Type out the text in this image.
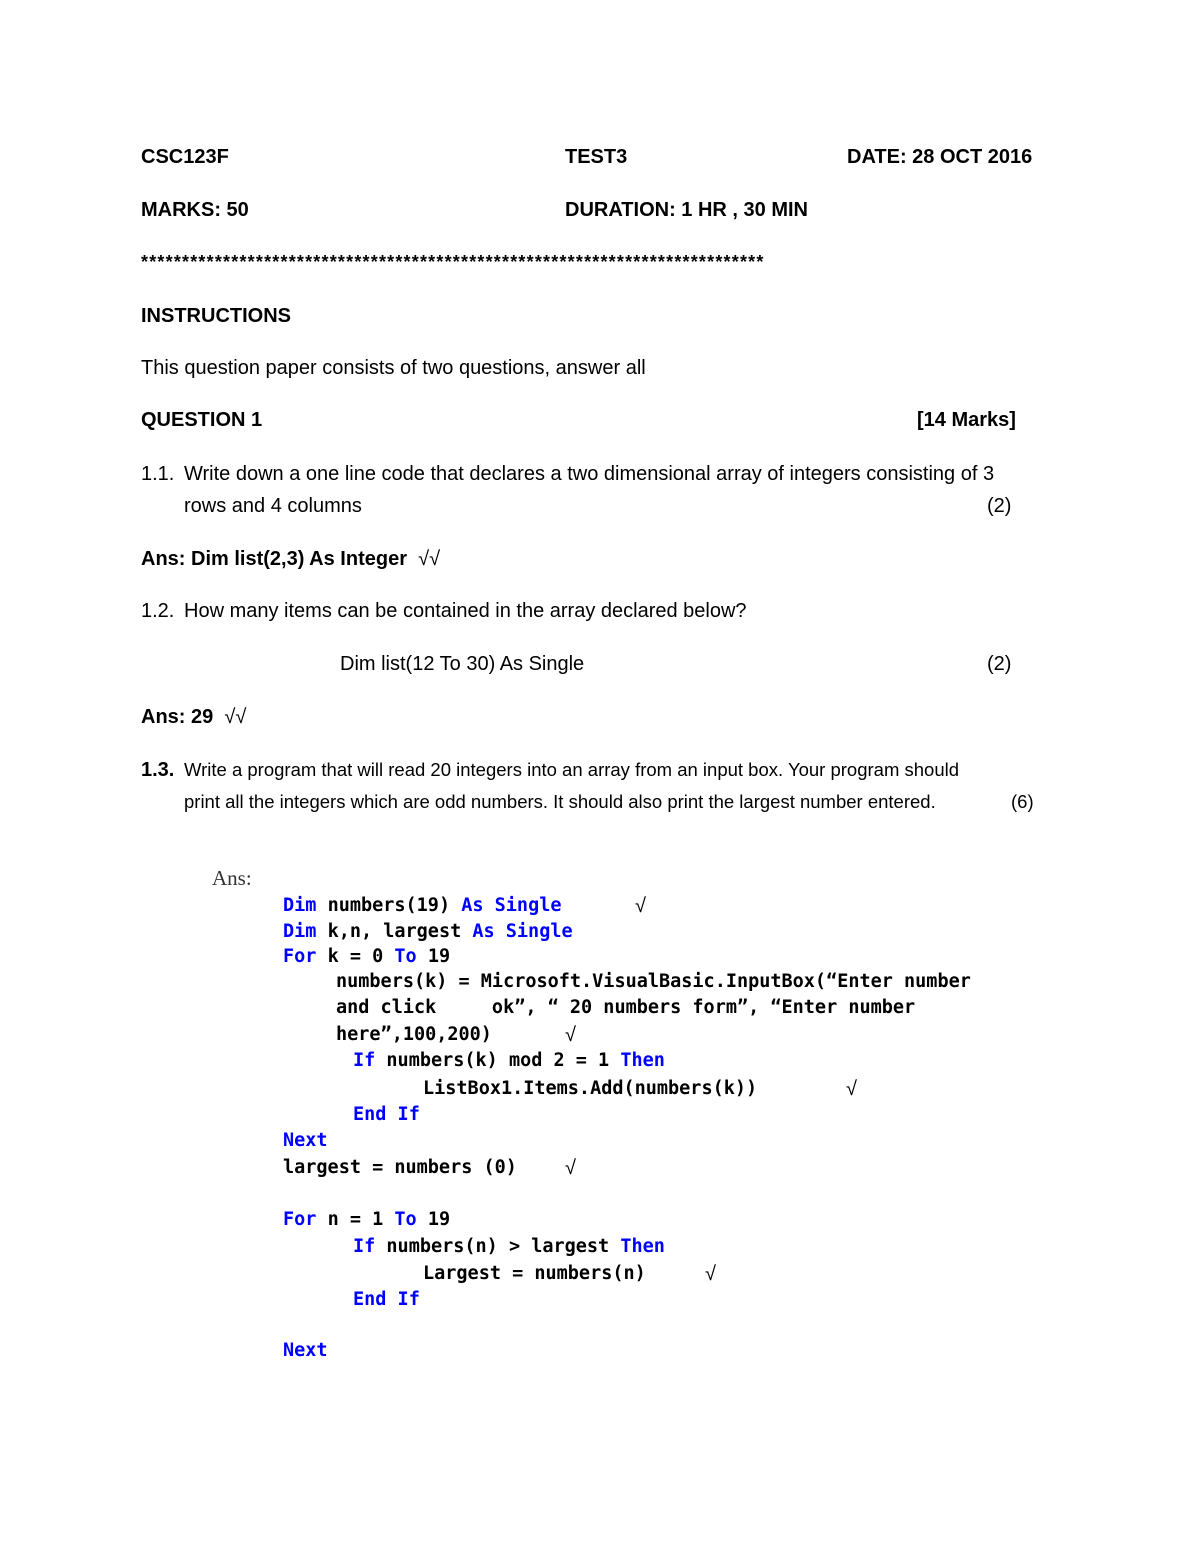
CSC123F	TEST3	DATE: 28 OCT 2016
MARKS: 50	DURATION: 1 HR , 30 MIN
****************************************************************************
INSTRUCTIONS
This question paper consists of two questions, answer all
QUESTION 1	[14 Marks]
1.1. Write down a one line code that declares a two dimensional array of integers consisting of 3
rows and 4 columns	(2)
Ans: Dim list(2,3) As Integer √√
1.2. How many items can be contained in the array declared below?
Dim list(12 To 30) As Single	(2)
Ans: 29 √√
1.3. Write a program that will read 20 integers into an array from an input box. Your program should
print all the integers which are odd numbers. It should also print the largest number entered.	(6)
Ans:
Dim numbers(19) As Single	√
Dim k,n, largest As Single
For k = 0 To 19
numbers(k) = Microsoft.VisualBasic.InputBox(“Enter number
and click     ok”, “ 20 numbers form”, “Enter number
here”,100,200)	√
If numbers(k) mod 2 = 1 Then
ListBox1.Items.Add(numbers(k))	√
End If
Next
largest = numbers (0) √
For n = 1 To 19
If numbers(n) > largest Then
Largest = numbers(n)	√
End If
Next
